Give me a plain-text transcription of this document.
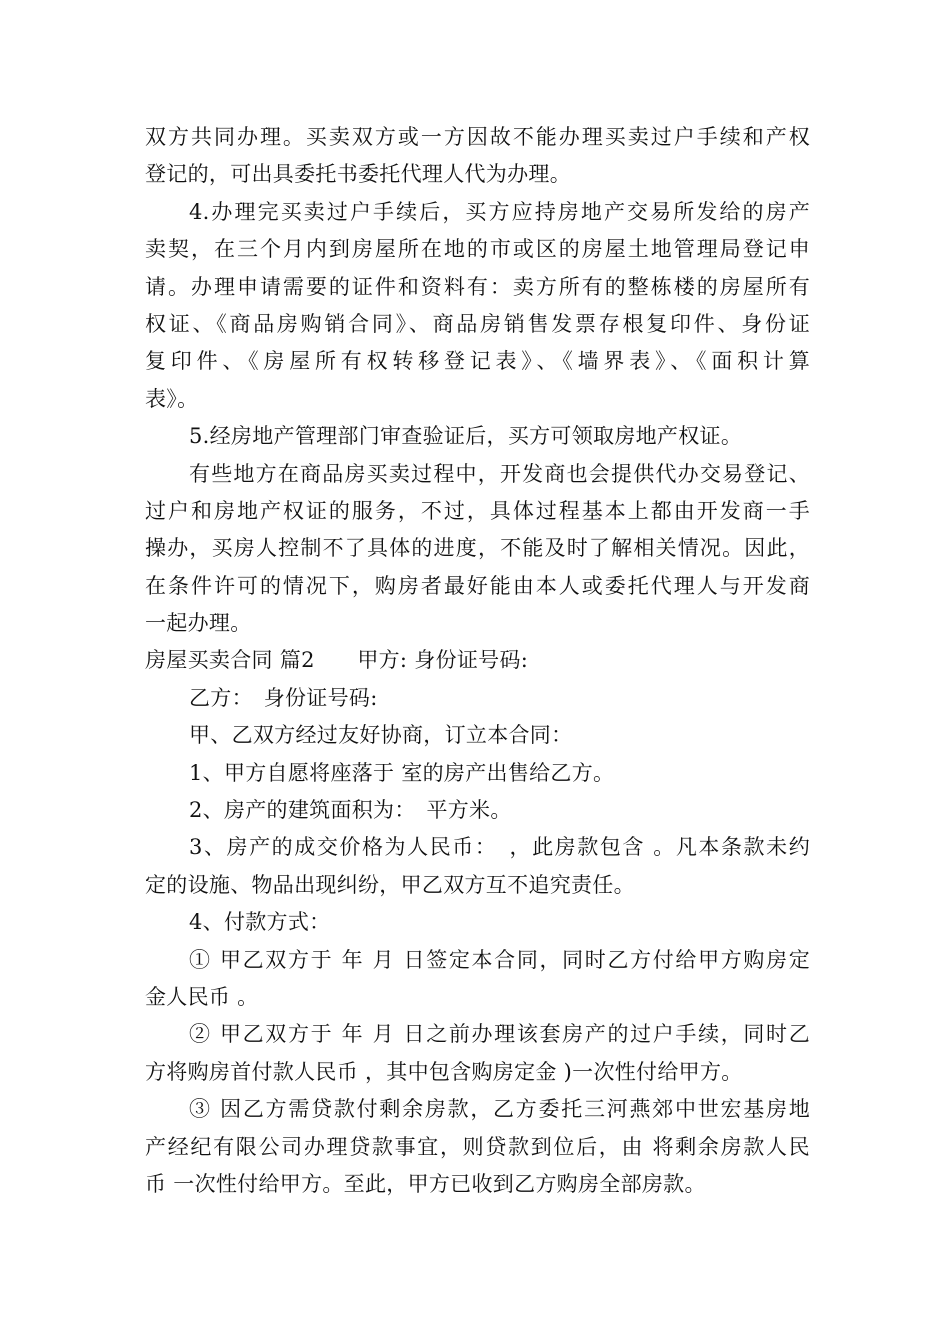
双方共同办理。买卖双方或一方因故不能办理买卖过户手续和产权
登记的，可出具委托书委托代理人代为办理。
4.办理完买卖过户手续后，买方应持房地产交易所发给的房产
卖契，在三个月内到房屋所在地的市或区的房屋土地管理局登记申
请。办理申请需要的证件和资料有：卖方所有的整栋楼的房屋所有
权证、《商品房购销合同》、商品房销售发票存根复印件、身份证
复印件、《房屋所有权转移登记表》、《墙界表》、《面积计算
表》。
5.经房地产管理部门审查验证后，买方可领取房地产权证。
有些地方在商品房买卖过程中，开发商也会提供代办交易登记、
过户和房地产权证的服务，不过，具体过程基本上都由开发商一手
操办，买房人控制不了具体的进度，不能及时了解相关情况。因此，
在条件许可的情况下，购房者最好能由本人或委托代理人与开发商
一起办理。
房屋买卖合同 篇2　　甲方: 身份证号码:
乙方：　身份证号码:
甲、乙双方经过友好协商，订立本合同：
1、甲方自愿将座落于 室的房产出售给乙方。
2、房产的建筑面积为：　平方米。
3、房产的成交价格为人民币：　，此房款包含 。凡本条款未约
定的设施、物品出现纠纷，甲乙双方互不追究责任。
4、付款方式：
① 甲乙双方于 年 月 日签定本合同，同时乙方付给甲方购房定
金人民币 。
② 甲乙双方于 年 月 日之前办理该套房产的过户手续，同时乙
方将购房首付款人民币 ，其中包含购房定金 )一次性付给甲方。
③ 因乙方需贷款付剩余房款，乙方委托三河燕郊中世宏基房地
产经纪有限公司办理贷款事宜，则贷款到位后，由 将剩余房款人民
币 一次性付给甲方。至此，甲方已收到乙方购房全部房款。
